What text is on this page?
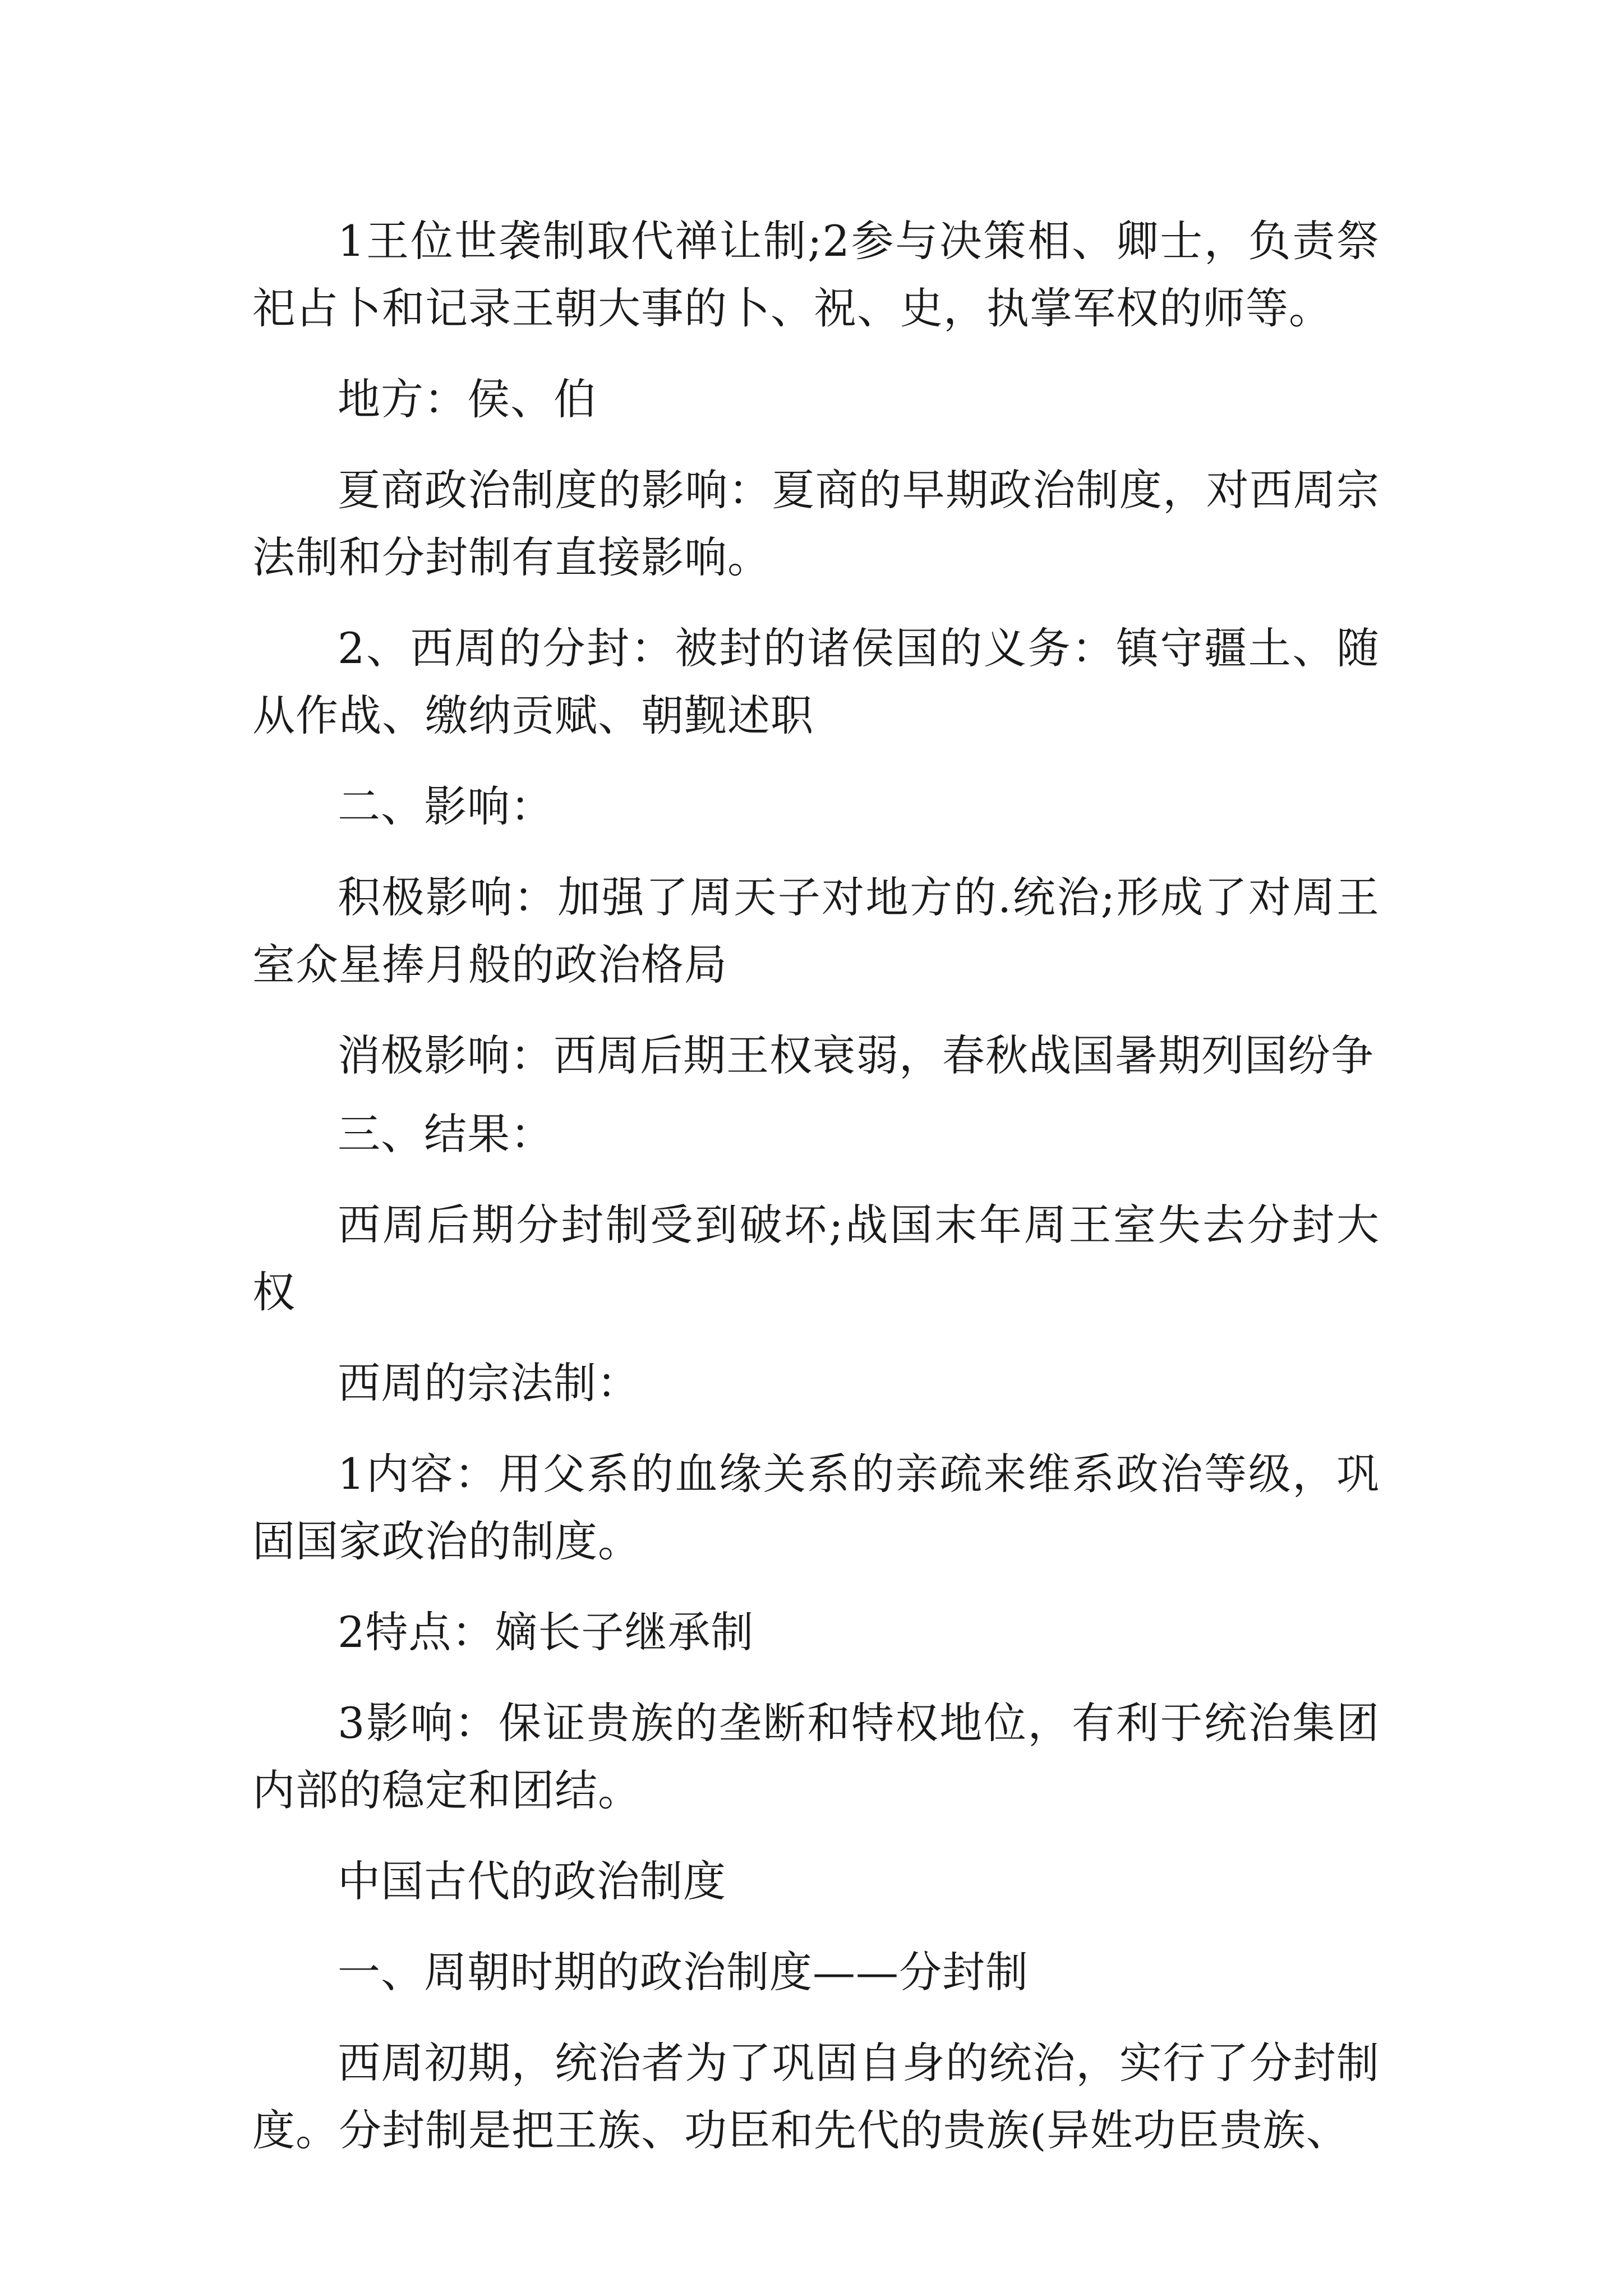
1王位世袭制取代禅让制;2参与决策相、卿士，负责祭祀占卜和记录王朝大事的卜、祝、史，执掌军权的师等。

地方：侯、伯

夏商政治制度的影响：夏商的早期政治制度，对西周宗法制和分封制有直接影响。

2、西周的分封：被封的诸侯国的义务：镇守疆土、随从作战、缴纳贡赋、朝觐述职

二、影响：

积极影响：加强了周天子对地方的.统治;形成了对周王室众星捧月般的政治格局

消极影响：西周后期王权衰弱，春秋战国暑期列国纷争

三、结果：

西周后期分封制受到破坏;战国末年周王室失去分封大权

西周的宗法制：

1内容：用父系的血缘关系的亲疏来维系政治等级，巩固国家政治的制度。

2特点：嫡长子继承制

3影响：保证贵族的垄断和特权地位，有利于统治集团内部的稳定和团结。

中国古代的政治制度

一、周朝时期的政治制度——分封制

西周初期，统治者为了巩固自身的统治，实行了分封制度。分封制是把王族、功臣和先代的贵族(异姓功臣贵族、
